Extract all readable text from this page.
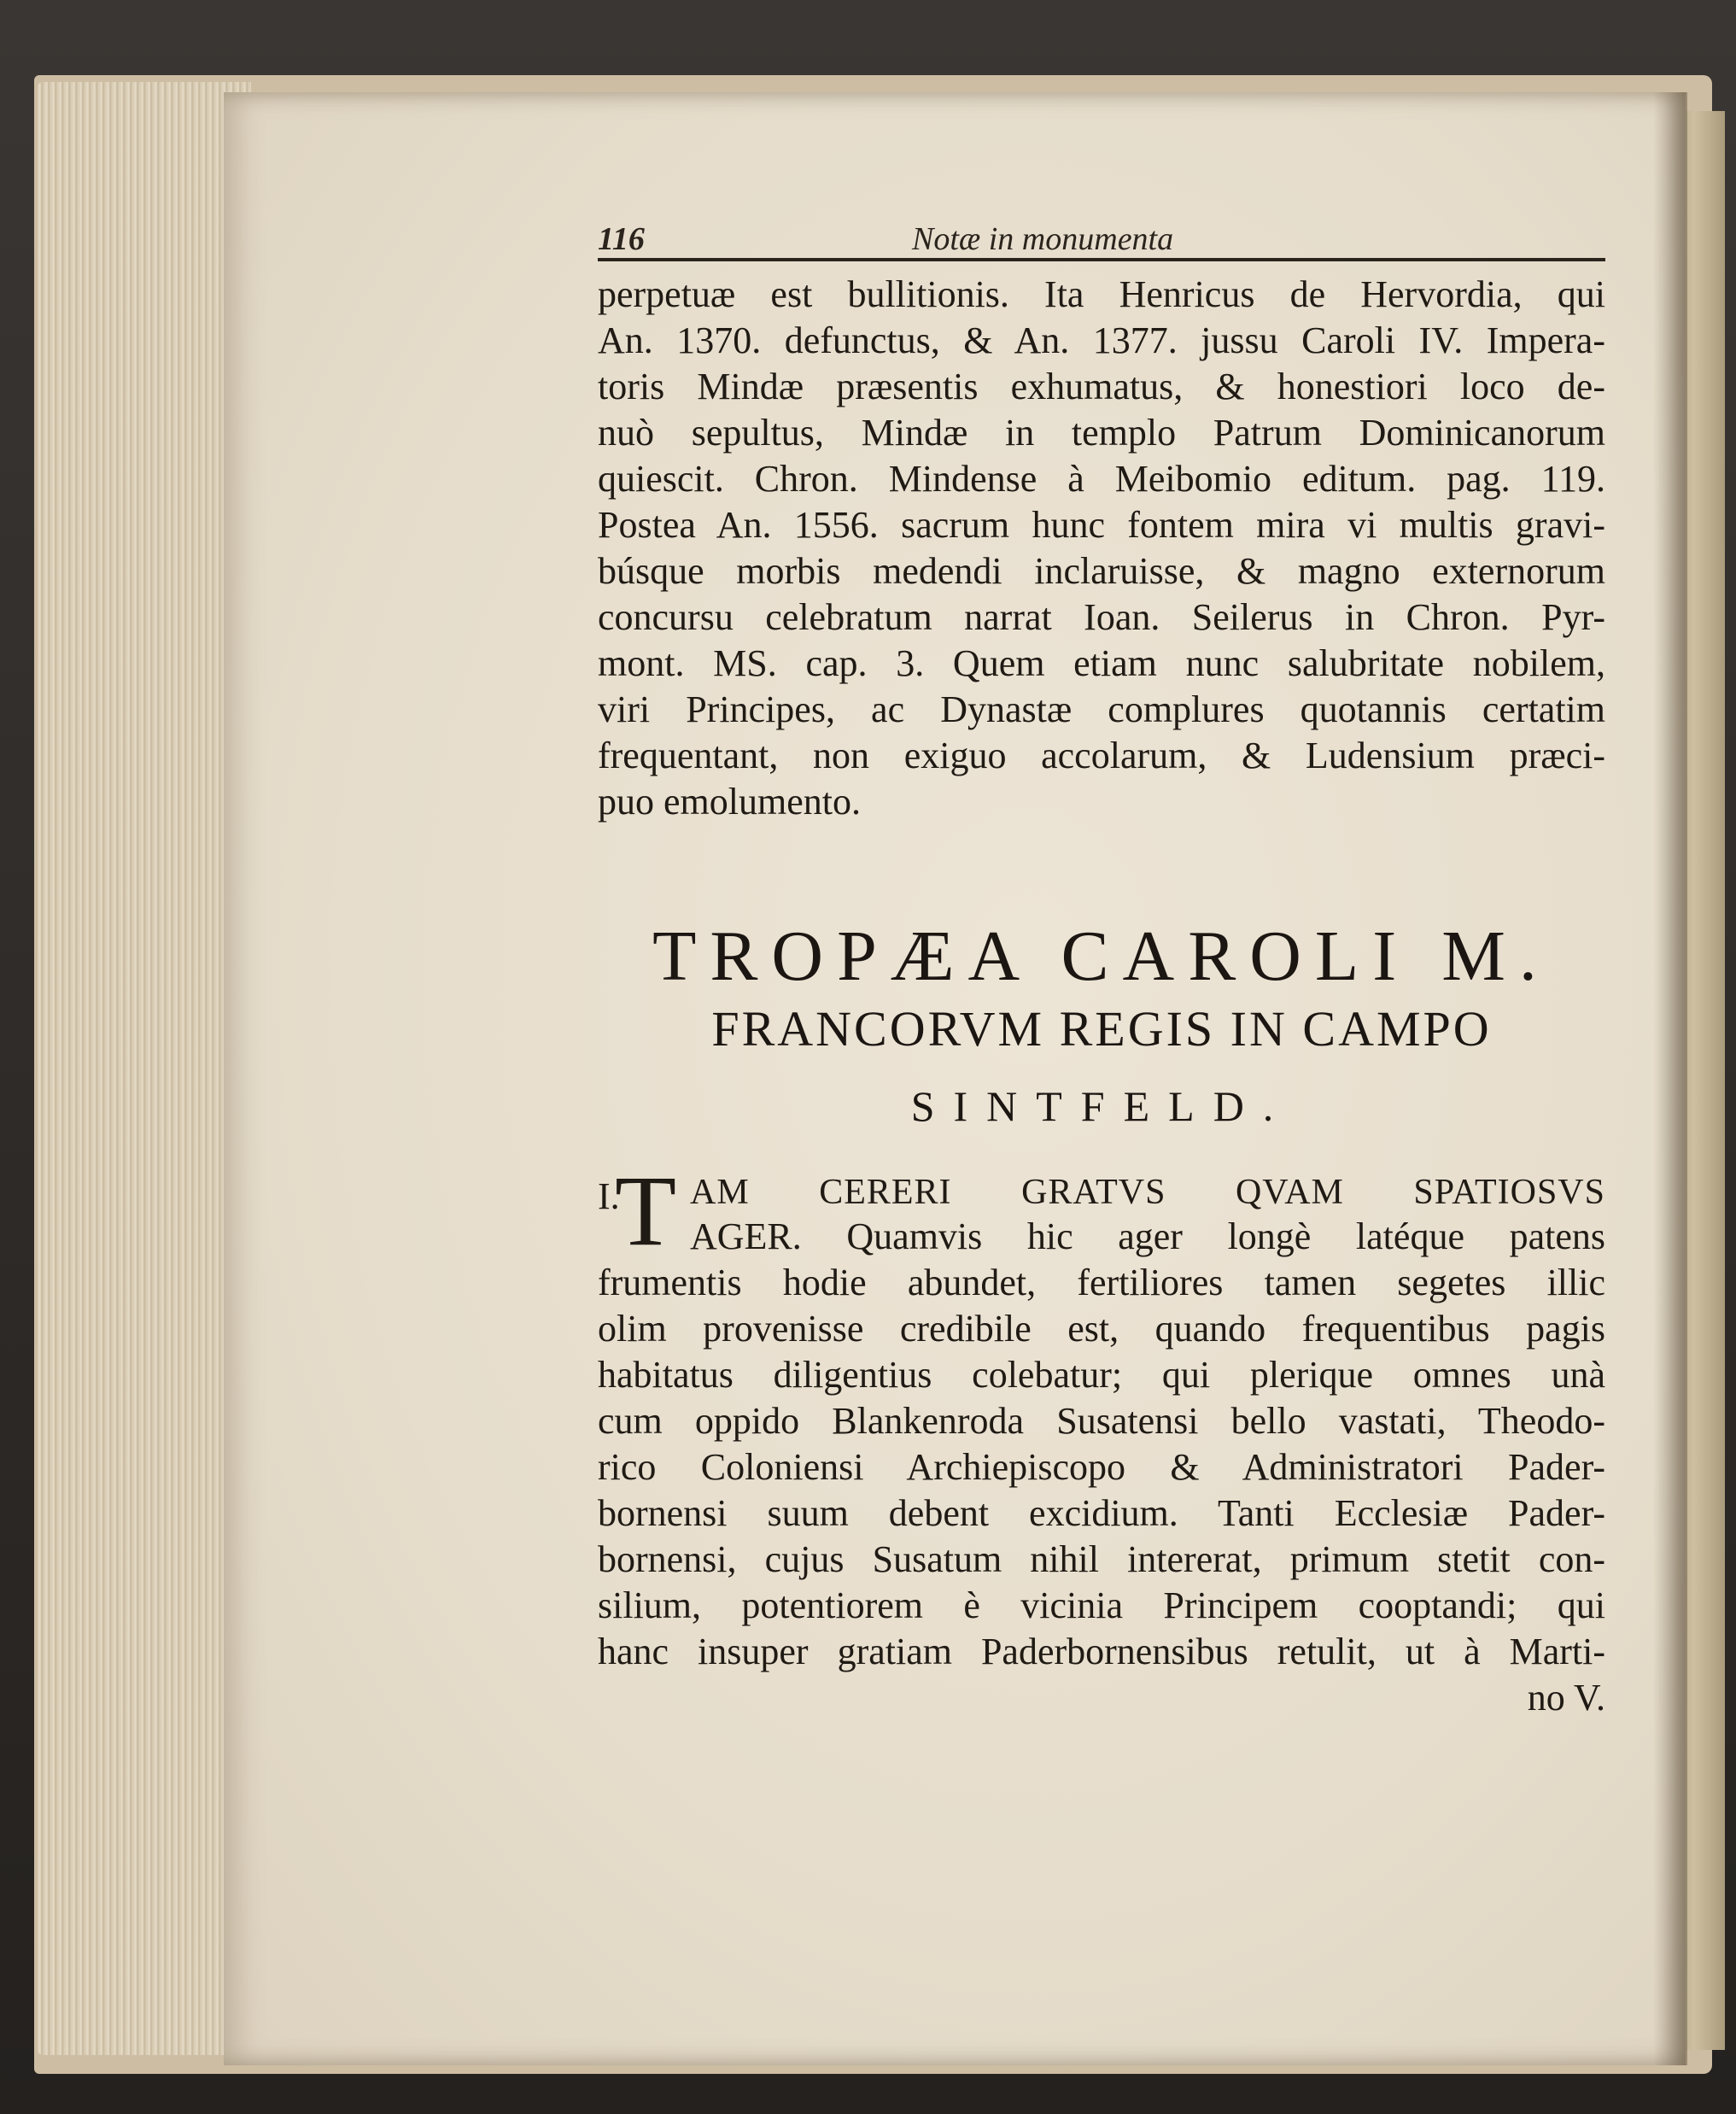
116	Notæ in monumenta
perpetuæ est bullitionis. Ita Henricus de Hervordia, qui
An. 1370. defunctus, & An. 1377. jussu Caroli IV. Impera-
toris Mindæ præsentis exhumatus, & honestiori loco de-
nuò sepultus, Mindæ in templo Patrum Dominicanorum
quiescit. Chron. Mindense à Meibomio editum. pag. 119.
Postea An. 1556. sacrum hunc fontem mira vi multis gravi-
búsque morbis medendi inclaruisse, & magno externorum
concursu celebratum narrat Ioan. Seilerus in Chron. Pyr-
mont. MS. cap. 3. Quem etiam nunc salubritate nobilem,
viri Principes, ac Dynastæ complures quotannis certatim
frequentant, non exiguo accolarum, & Ludensium præci-
puo emolumento.
TROPÆA CAROLI M.
FRANCORVM REGIS IN CAMPO
SINTFELD.
I.
T AM CERERI GRATVS QVAM SPATIOSVS
AGER. Quamvis hic ager longè latéque patens
frumentis hodie abundet, fertiliores tamen segetes illic
olim provenisse credibile est, quando frequentibus pagis
habitatus diligentius colebatur; qui plerique omnes unà
cum oppido Blankenroda Susatensi bello vastati, Theodo-
rico Coloniensi Archiepiscopo & Administratori Pader-
bornensi suum debent excidium. Tanti Ecclesiæ Pader-
bornensi, cujus Susatum nihil intererat, primum stetit con-
silium, potentiorem è vicinia Principem cooptandi; qui
hanc insuper gratiam Paderbornensibus retulit, ut à Marti-
no V.
